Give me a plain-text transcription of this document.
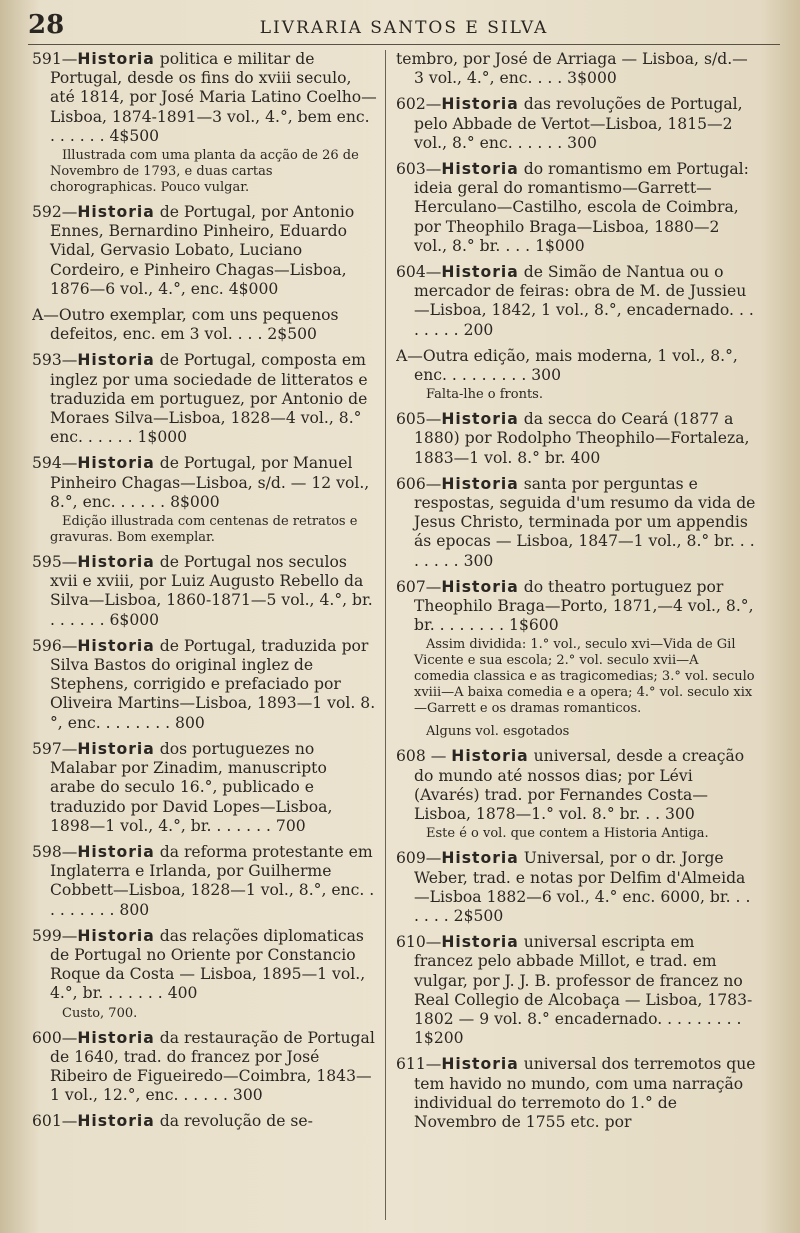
28	LIVRARIA SANTOS E SILVA
591—Historia politica e militar de Portugal, desde os fins do xviii seculo, até 1814, por José Maria Latino Coelho—Lisboa, 1874-1891—3 vol., 4.°, bem enc. . . . . . . 4$500
Illustrada com uma planta da acção de 26 de Novembro de 1793, e duas cartas chorographicas. Pouco vulgar.
592—Historia de Portugal, por Antonio Ennes, Bernardino Pinheiro, Eduardo Vidal, Gervasio Lobato, Luciano Cordeiro, e Pinheiro Chagas—Lisboa, 1876—6 vol., 4.°, enc. 4$000
A—Outro exemplar, com uns pequenos defeitos, enc. em 3 vol. . . . 2$500
593—Historia de Portugal, composta em inglez por uma sociedade de litteratos e traduzida em portuguez, por Antonio de Moraes Silva—Lisboa, 1828—4 vol., 8.° enc. . . . . . 1$000
594—Historia de Portugal, por Manuel Pinheiro Chagas—Lisboa, s/d. — 12 vol., 8.°, enc. . . . . . 8$000
Edição illustrada com centenas de retratos e gravuras. Bom exemplar.
595—Historia de Portugal nos seculos xvii e xviii, por Luiz Augusto Rebello da Silva—Lisboa, 1860-1871—5 vol., 4.°, br. . . . . . . 6$000
596—Historia de Portugal, traduzida por Silva Bastos do original inglez de Stephens, corrigido e prefaciado por Oliveira Martins—Lisboa, 1893—1 vol. 8.°, enc. . . . . . . . 800
597—Historia dos portuguezes no Malabar por Zinadim, manuscripto arabe do seculo 16.°, publicado e traduzido por David Lopes—Lisboa, 1898—1 vol., 4.°, br. . . . . . . 700
598—Historia da reforma protestante em Inglaterra e Irlanda, por Guilherme Cobbett—Lisboa, 1828—1 vol., 8.°, enc. . . . . . . . . 800
599—Historia das relações diplomaticas de Portugal no Oriente por Constancio Roque da Costa — Lisboa, 1895—1 vol., 4.°, br. . . . . . . 400
Custo, 700.
600—Historia da restauração de Portugal de 1640, trad. do francez por José Ribeiro de Figueiredo—Coimbra, 1843—1 vol., 12.°, enc. . . . . . 300
601—Historia da revolução de se-
tembro, por José de Arriaga — Lisboa, s/d.—3 vol., 4.°, enc. . . . 3$000
602—Historia das revoluções de Portugal, pelo Abbade de Vertot—Lisboa, 1815—2 vol., 8.° enc. . . . . . 300
603—Historia do romantismo em Portugal: ideia geral do romantismo—Garrett—Herculano—Castilho, escola de Coimbra, por Theophilo Braga—Lisboa, 1880—2 vol., 8.° br. . . . 1$000
604—Historia de Simão de Nantua ou o mercador de feiras: obra de M. de Jussieu—Lisboa, 1842, 1 vol., 8.°, encadernado. . . . . . . . 200
A—Outra edição, mais moderna, 1 vol., 8.°, enc. . . . . . . . . 300
Falta-lhe o fronts.
605—Historia da secca do Ceará (1877 a 1880) por Rodolpho Theophilo—Fortaleza, 1883—1 vol. 8.° br. 400
606—Historia santa por perguntas e respostas, seguida d'um resumo da vida de Jesus Christo, terminada por um appendis ás epocas — Lisboa, 1847—1 vol., 8.° br. . . . . . . . 300
607—Historia do theatro portuguez por Theophilo Braga—Porto, 1871,—4 vol., 8.°, br. . . . . . . . 1$600
Assim dividida: 1.° vol., seculo xvi—Vida de Gil Vicente e sua escola; 2.° vol. seculo xvii—A comedia classica e as tragicomedias; 3.° vol. seculo xviii—A baixa comedia e a opera; 4.° vol. seculo xix—Garrett e os dramas romanticos.
Alguns vol. esgotados
608 — Historia universal, desde a creação do mundo até nossos dias; por Lévi (Avarés) trad. por Fernandes Costa—Lisboa, 1878—1.° vol. 8.° br. . . 300
Este é o vol. que contem a Historia Antiga.
609—Historia Universal, por o dr. Jorge Weber, trad. e notas por Delfim d'Almeida—Lisboa 1882—6 vol., 4.° enc. 6000, br. . . . . . . 2$500
610—Historia universal escripta em francez pelo abbade Millot, e trad. em vulgar, por J. J. B. professor de francez no Real Collegio de Alcobaça — Lisboa, 1783-1802 — 9 vol. 8.° encadernado. . . . . . . . . 1$200
611—Historia universal dos terremotos que tem havido no mundo, com uma narração individual do terremoto do 1.° de Novembro de 1755 etc. por
